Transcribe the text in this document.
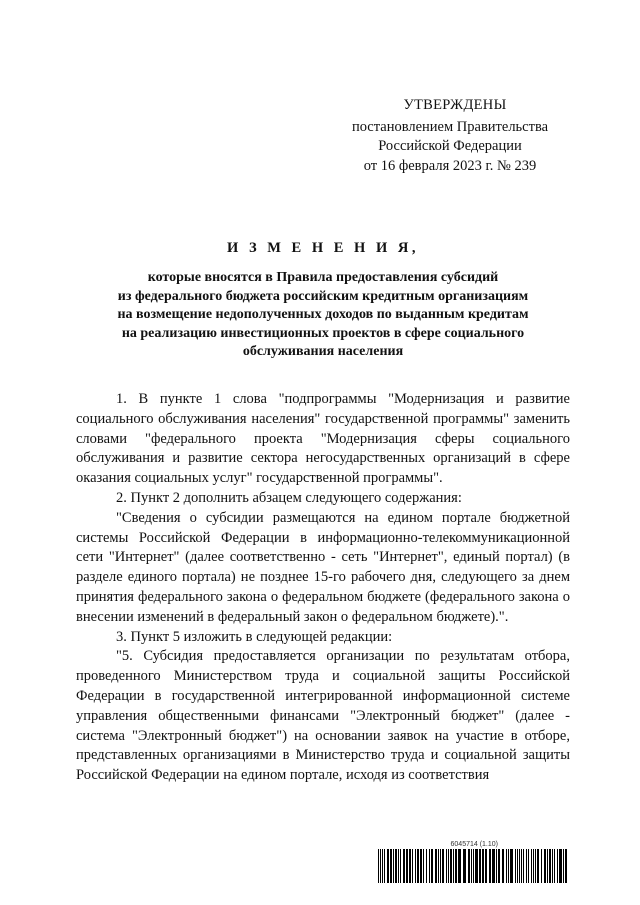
УТВЕРЖДЕНЫ
постановлением Правительства
Российской Федерации
от 16 февраля 2023 г. № 239
И З М Е Н Е Н И Я,
которые вносятся в Правила предоставления субсидий
из федерального бюджета российским кредитным организациям
на возмещение недополученных доходов по выданным кредитам
на реализацию инвестиционных проектов в сфере социального
обслуживания населения

1. В пункте 1 слова "подпрограммы "Модернизация и развитие социального обслуживания населения" государственной программы" заменить словами "федерального проекта "Модернизация сферы социального обслуживания и развитие сектора негосударственных организаций в сфере оказания социальных услуг" государственной программы".

2. Пункт 2 дополнить абзацем следующего содержания:

"Сведения о субсидии размещаются на едином портале бюджетной системы Российской Федерации в информационно-телекоммуникационной сети "Интернет" (далее соответственно - сеть "Интернет", единый портал) (в разделе единого портала) не позднее 15-го рабочего дня, следующего за днем принятия федерального закона о федеральном бюджете (федерального закона о внесении изменений в федеральный закон о федеральном бюджете).".

3. Пункт 5 изложить в следующей редакции:

"5. Субсидия предоставляется организации по результатам отбора, проведенного Министерством труда и социальной защиты Российской Федерации в государственной интегрированной информационной системе управления общественными финансами "Электронный бюджет" (далее - система "Электронный бюджет") на основании заявок на участие в отборе, представленных организациями в Министерство труда и социальной защиты Российской Федерации на едином портале, исходя из соответствия

6045714 (1.10)
